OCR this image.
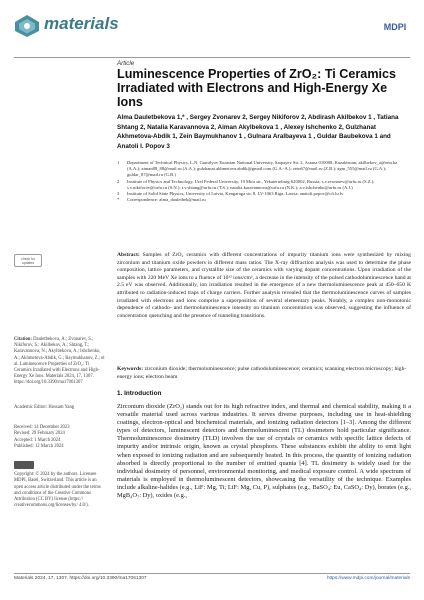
materials	MDPI
Article
Luminescence Properties of ZrO₂: Ti Ceramics Irradiated with Electrons and High-Energy Xe Ions
Alma Dauletbekova 1,* , Sergey Zvonarev 2, Sergey Nikiforov 2, Abdirash Akilbekov 1 , Tatiana Shtang 2, Natalia Karavannova 2, Aiman Akylbekova 1 , Alexey Ishchenko 2, Gulzhanat Akhmetova-Abdik 1, Zein Baymukhanov 1 , Gulnara Aralbayeva 1 , Guldar Baubekova 1 and Anatoli I. Popov 3
1	Department of Technical Physics, L.N. Gumilyov Eurasian National University, Satpayev Str. 2, Astana 010008, Kazakhstan; akilbekov_a@enu.kz (A.A.); aiman88_88@mail.ru (A.A.); gulzhanat.akhmetova.abdik@gmail.com (G.A.-A.); zein67@mail.ru (Z.B.); agm_555@mail.ru (G.A.); guldar_87@mail.ru (G.B.)
2	Institute of Physics and Technology, Ural Federal University, 19 Mira str., Yekaterinburg 620002, Russia; s.v.zvonarev@urfu.ru (S.Z.); s.v.nikiforov@urfu.ru (S.N.); t.v.shtang@urfu.ru (T.S.); natalia.karavannova@urfu.ru (N.K.); a.v.ishchenko@urfu.ru (A.I.)
3	Institute of Solid State Physics, University of Latvia, Kengaraga str. 8, LV-1063 Riga, Latvia; anatoli.popov@cfi.lu.lv
*	Correspondence: alma_dauletbek@mail.ru
check for updates
Citation: Dauletbekova, A.; Zvonarev, S.; Nikiforov, S.; Akilbekov, A.; Shtang, T.; Karavannova, N.; Akylbekova, A.; Ishchenko, A.; Akhmetova-Abdik, G.; Baymukhanov, Z.; et al. Luminescence Properties of ZrO₂: Ti Ceramics Irradiated with Electrons and High-Energy Xe Ions. Materials 2024, 17, 1307. https://doi.org/10.3390/ma17061307
Academic Editor: Hossam Yang
Received: 14 December 2023
Revised: 29 February 2024
Accepted: 1 March 2024
Published: 12 March 2024
Copyright: © 2024 by the authors. Licensee MDPI, Basel, Switzerland. This article is an open access article distributed under the terms and conditions of the Creative Commons Attribution (CC BY) license (https:// creativecommons.org/licenses/by/ 4.0/).
Abstract: Samples of ZrO₂ ceramics with different concentrations of impurity titanium ions were synthesized by mixing zirconium and titanium oxide powders in different mass ratios. The X-ray diffraction analysis was used to determine the phase composition, lattice parameters, and crystallite size of the ceramics with varying dopant concentrations. Upon irradiation of the samples with 220 MeV Xe ions to a fluence of 10¹² ions/cm², a decrease in the intensity of the pulsed cathodoluminescence band at 2.5 eV was observed. Additionally, ion irradiation resulted in the emergence of a new thermoluminescence peak at 450–650 K attributed to radiation-induced traps of charge carriers. Further analysis revealed that the thermoluminescence curves of samples irradiated with electrons and ions comprise a superposition of several elementary peaks. Notably, a complex non-monotonic dependence of cathodo- and thermoluminescence intensity on titanium concentration was observed, suggesting the influence of concentration quenching and the presence of tunneling transitions.
Keywords: zirconium dioxide; thermoluminescence; pulse cathodoluminescence; ceramics; scanning electron microscopy; high-energy ions; electron beam
1. Introduction
Zirconium dioxide (ZrO₂) stands out for its high refractive index, and thermal and chemical stability, making it a versatile material used across various industries. It serves diverse purposes, including use in heat-shielding coatings, electron-optical and biochemical materials, and ionizing radiation detectors [1–3]. Among the different types of detectors, luminescent detectors and thermoluminescent (TL) dosimeters hold particular significance. Thermoluminescence dosimetry (TLD) involves the use of crystals or ceramics with specific lattice defects of impurity and/or intrinsic origin, known as crystal phosphors. These substances exhibit the ability to emit light when exposed to ionizing radiation and are subsequently heated. In this process, the quantity of ionizing radiation absorbed is directly proportional to the number of emitted quanta [4]. TL dosimetry is widely used for the individual dosimetry of personnel, environmental monitoring, and medical exposure control. A wide spectrum of materials is employed in thermoluminescent detectors, showcasing the versatility of the technique. Examples include alkaline-halides (e.g., LiF: Mg, Ti; LiF: Mg, Cu, P), sulphates (e.g., BaSO₄: Eu, CaSO₄: Dy), borates (e.g., MgB₄O₇: Dy), oxides (e.g.,
Materials 2024, 17, 1307. https://doi.org/10.3390/ma17061307	https://www.mdpi.com/journal/materials
